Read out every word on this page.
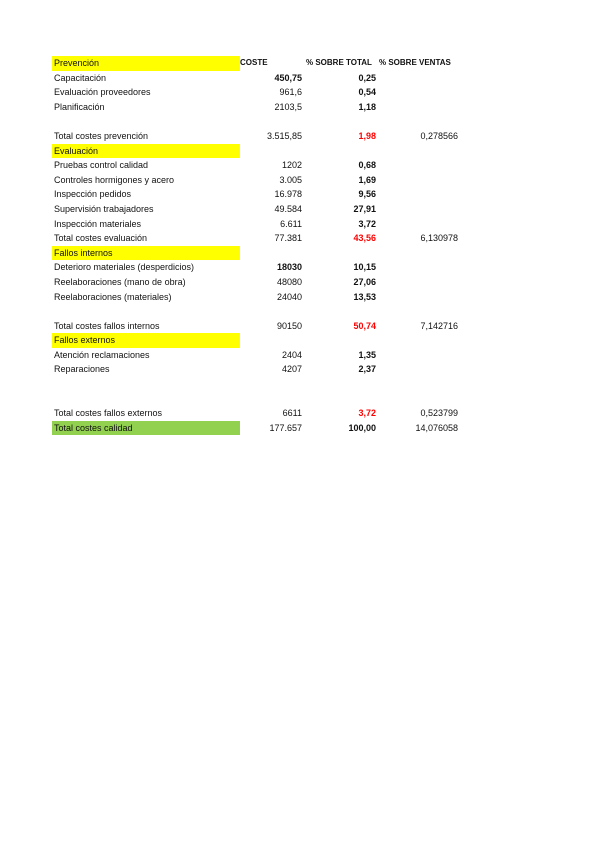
Prevención	COSTE	% SOBRE TOTAL % SOBRE VENTAS
Capacitación	450,75	0,25
Evaluación proveedores	961,6	0,54
Planificación	2103,5	1,18
Total costes prevención	3.515,85	1,98	0,278566
Evaluación
Pruebas control calidad	1202	0,68
Controles hormigones y acero	3.005	1,69
Inspección pedidos	16.978	9,56
Supervisión trabajadores	49.584	27,91
Inspección materiales	6.611	3,72
Total costes evaluación	77.381	43,56	6,130978
Fallos internos
Deterioro materiales (desperdicios)	18030	10,15
Reelaboraciones (mano de obra)	48080	27,06
Reelaboraciones (materiales)	24040	13,53
Total costes fallos internos	90150	50,74	7,142716
Fallos externos
Atención reclamaciones	2404	1,35
Reparaciones	4207	2,37
Total costes fallos externos	6611	3,72	0,523799
Total costes calidad	177.657	100,00	14,076058
